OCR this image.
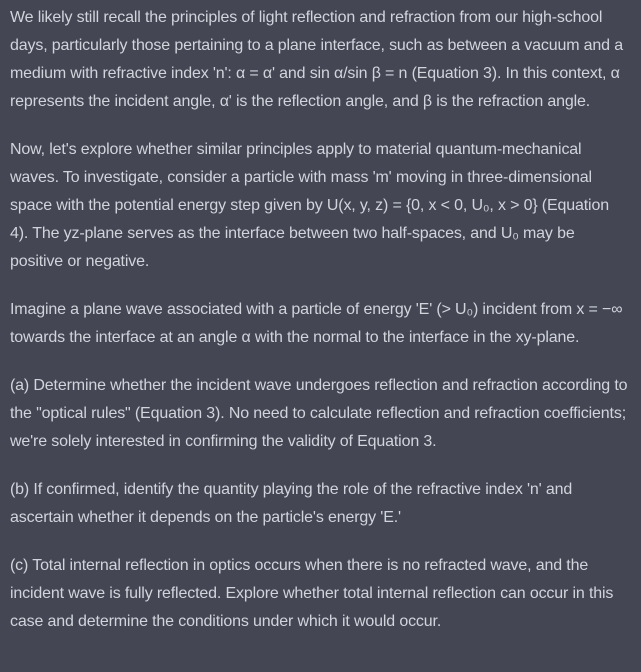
We likely still recall the principles of light reflection and refraction from our high-school days, particularly those pertaining to a plane interface, such as between a vacuum and a medium with refractive index 'n': α = α' and sin α/sin β = n (Equation 3). In this context, α represents the incident angle, α' is the reflection angle, and β is the refraction angle.

Now, let's explore whether similar principles apply to material quantum-mechanical waves. To investigate, consider a particle with mass 'm' moving in three-dimensional space with the potential energy step given by U(x, y, z) = {0, x < 0, U₀, x > 0} (Equation 4). The yz-plane serves as the interface between two half-spaces, and U₀ may be positive or negative.

Imagine a plane wave associated with a particle of energy 'E' (> U₀) incident from x = −∞ towards the interface at an angle α with the normal to the interface in the xy-plane.

(a) Determine whether the incident wave undergoes reflection and refraction according to the "optical rules" (Equation 3). No need to calculate reflection and refraction coefficients; we're solely interested in confirming the validity of Equation 3.

(b) If confirmed, identify the quantity playing the role of the refractive index 'n' and ascertain whether it depends on the particle's energy 'E.'

(c) Total internal reflection in optics occurs when there is no refracted wave, and the incident wave is fully reflected. Explore whether total internal reflection can occur in this case and determine the conditions under which it would occur.
